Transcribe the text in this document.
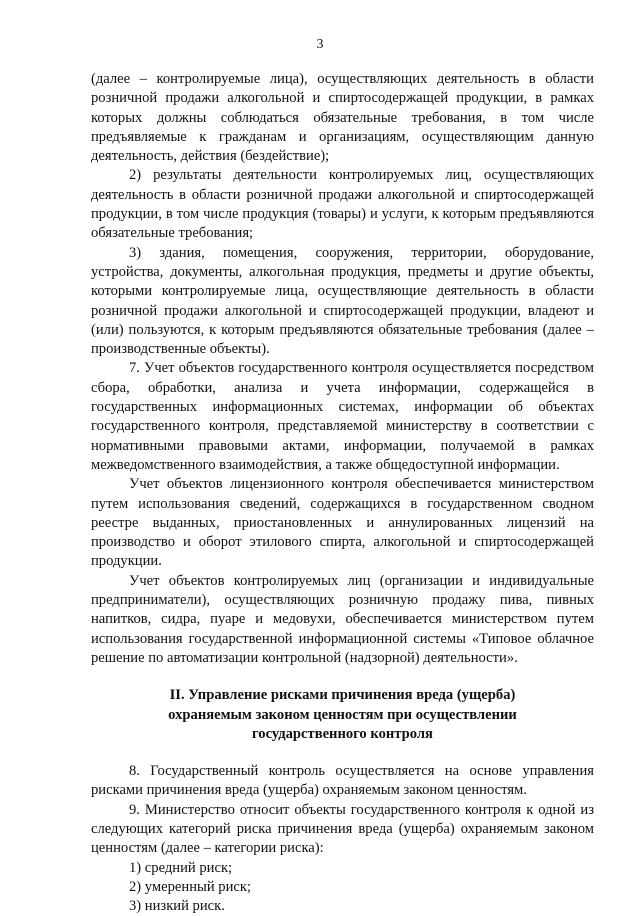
3

(далее – контролируемые лица), осуществляющих деятельность в области розничной продажи алкогольной и спиртосодержащей продукции, в рамках которых должны соблюдаться обязательные требования, в том числе предъявляемые к гражданам и организациям, осуществляющим данную деятельность, действия (бездействие);

2) результаты деятельности контролируемых лиц, осуществляющих деятельность в области розничной продажи алкогольной и спиртосодержащей продукции, в том числе продукция (товары) и услуги, к которым предъявляются обязательные требования;

3) здания, помещения, сооружения, территории, оборудование, устройства, документы, алкогольная продукция, предметы и другие объекты, которыми контролируемые лица, осуществляющие деятельность в области розничной продажи алкогольной и спиртосодержащей продукции, владеют и (или) пользуются, к которым предъявляются обязательные требования (далее – производственные объекты).

7. Учет объектов государственного контроля осуществляется посредством сбора, обработки, анализа и учета информации, содержащейся в государственных информационных системах, информации об объектах государственного контроля, представляемой министерству в соответствии с нормативными правовыми актами, информации, получаемой в рамках межведомственного взаимодействия, а также общедоступной информации.

Учет объектов лицензионного контроля обеспечивается министерством путем использования сведений, содержащихся в государственном сводном реестре выданных, приостановленных и аннулированных лицензий на производство и оборот этилового спирта, алкогольной и спиртосодержащей продукции.

Учет объектов контролируемых лиц (организации и индивидуальные предприниматели), осуществляющих розничную продажу пива, пивных напитков, сидра, пуаре и медовухи, обеспечивается министерством путем использования государственной информационной системы «Типовое облачное решение по автоматизации контрольной (надзорной) деятельности».

II. Управление рисками причинения вреда (ущерба)
охраняемым законом ценностям при осуществлении
государственного контроля

8. Государственный контроль осуществляется на основе управления рисками причинения вреда (ущерба) охраняемым законом ценностям.

9. Министерство относит объекты государственного контроля к одной из следующих категорий риска причинения вреда (ущерба) охраняемым законом ценностям (далее – категории риска):

1) средний риск;

2) умеренный риск;

3) низкий риск.
